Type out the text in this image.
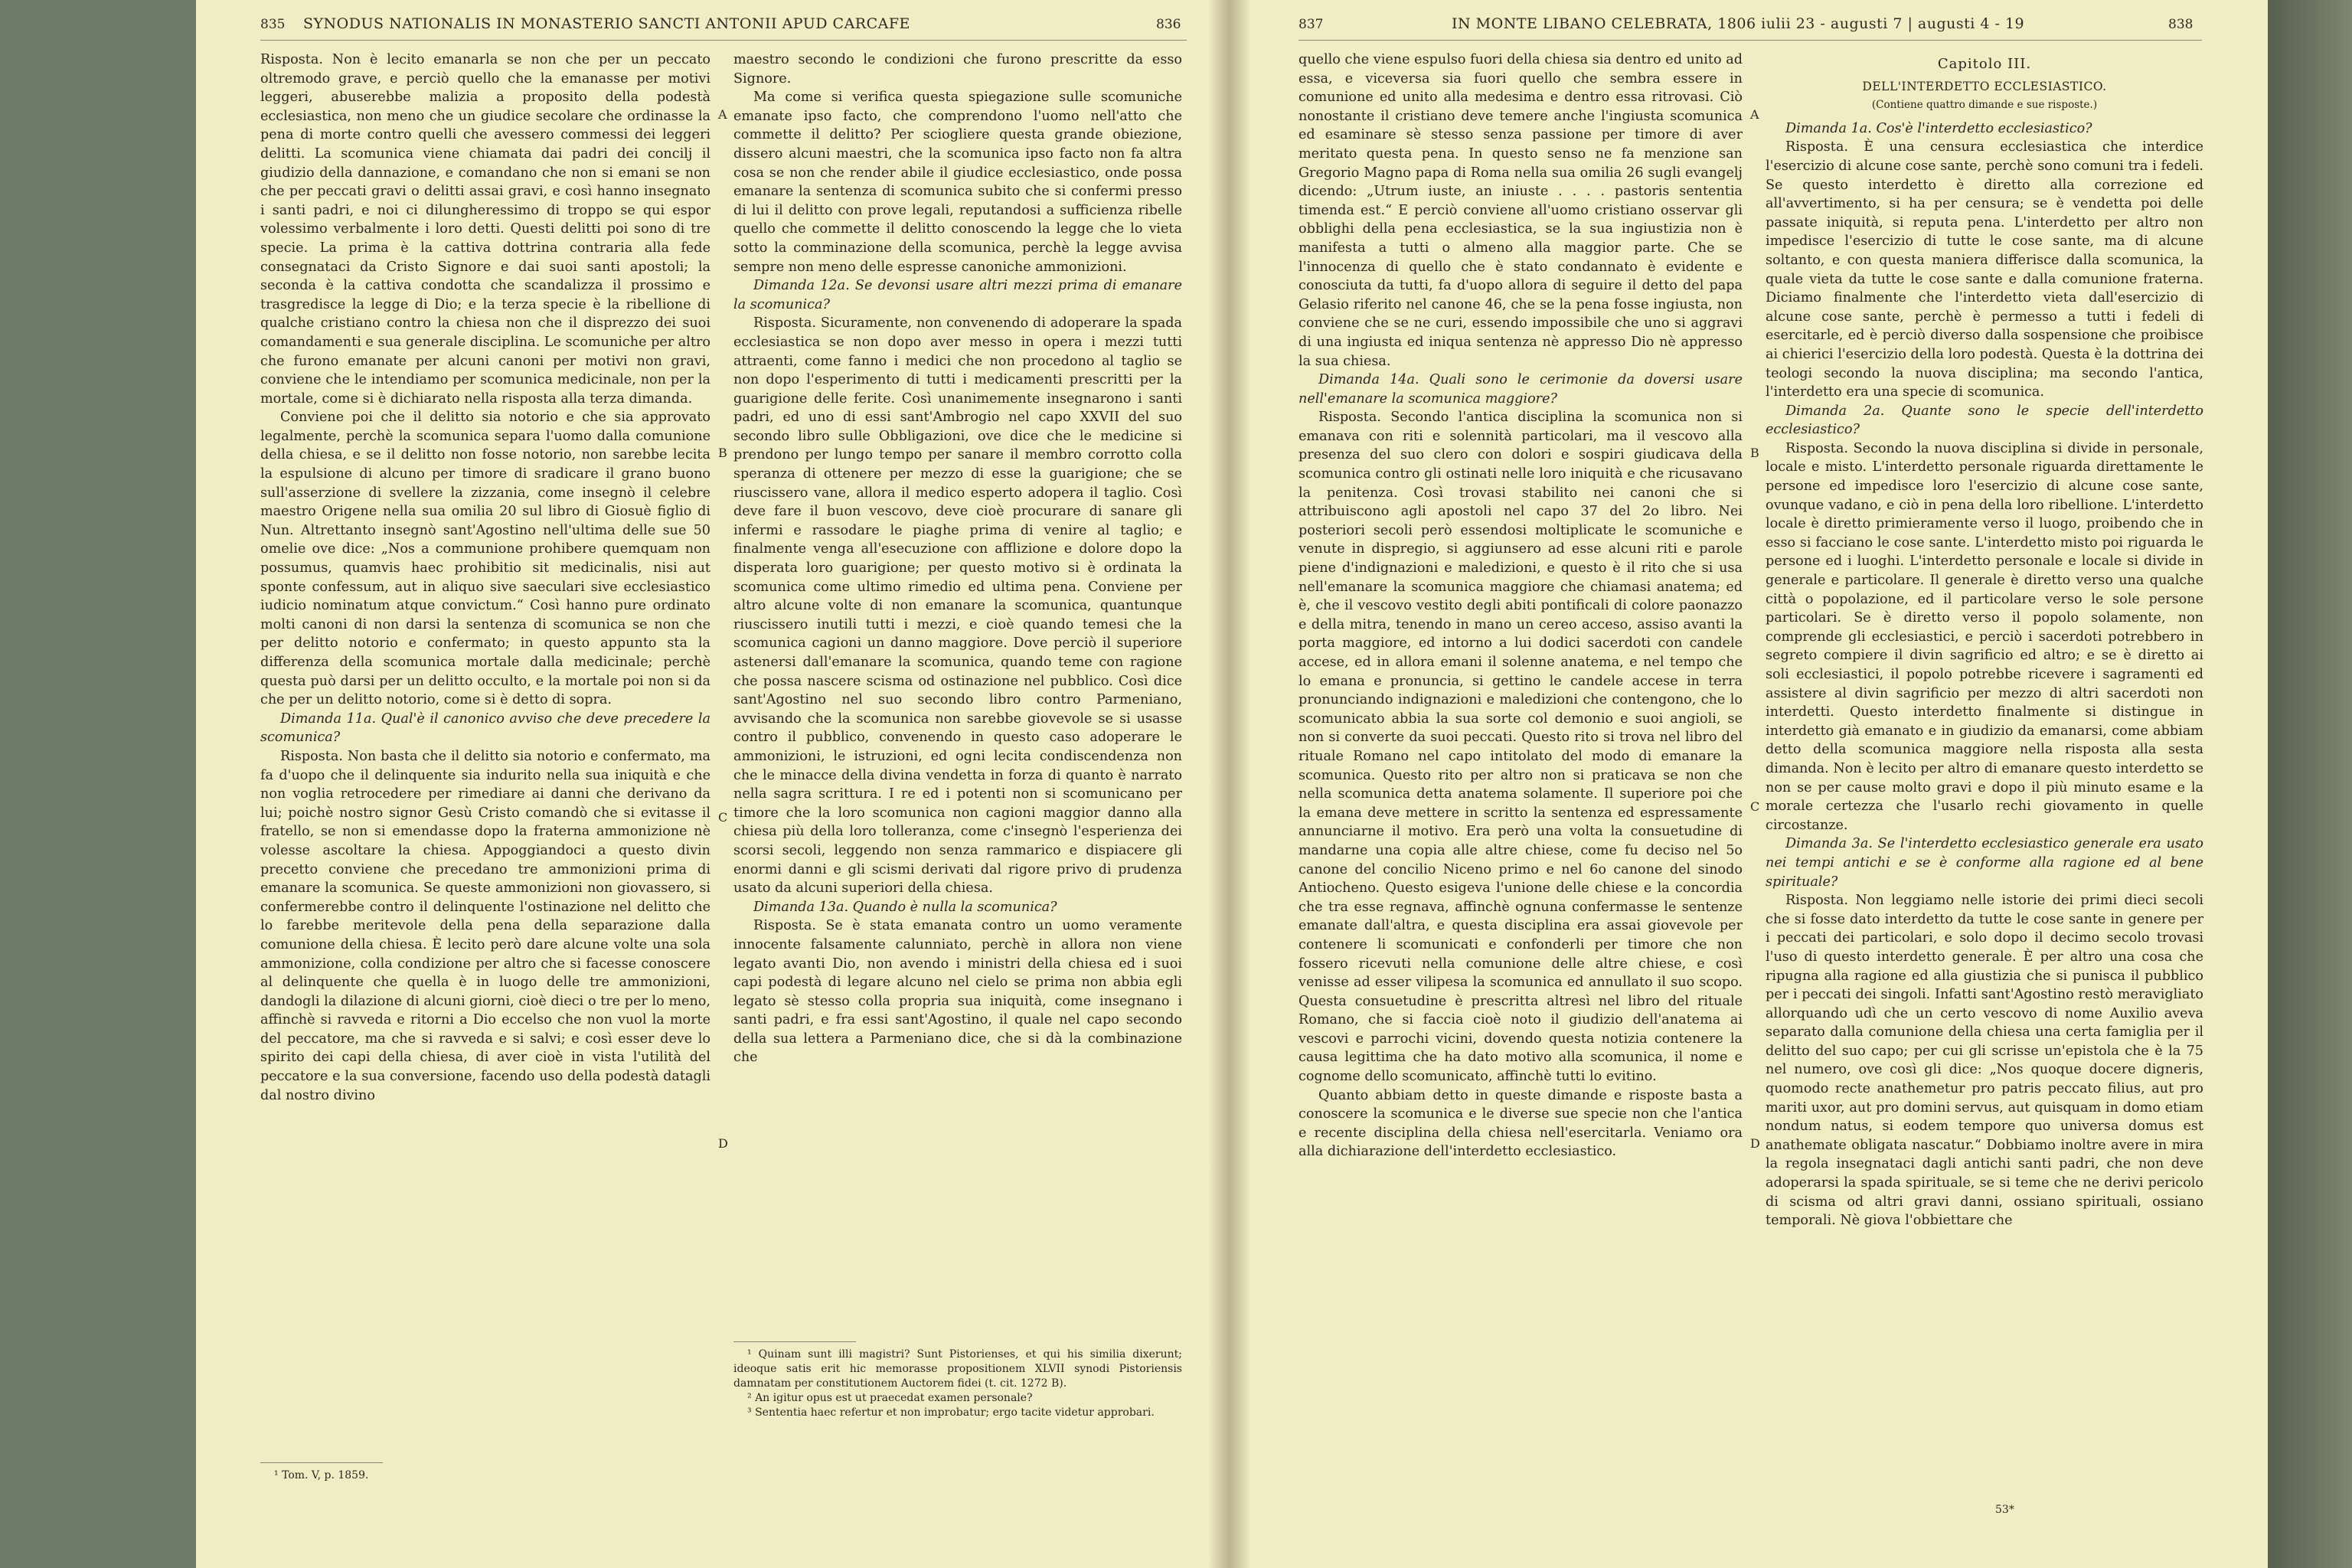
835 SYNODUS NATIONALIS IN MONASTERIO SANCTI ANTONII APUD CARCAFE	836

Risposta. Non è lecito emanarla se non che per un peccato oltremodo grave, e perciò quello che la emanasse per motivi leggeri, abuserebbe malizia a proposito della podestà ecclesiastica, non meno che un giudice secolare che ordinasse la pena di morte contro quelli che avessero commessi dei leggeri delitti. La scomunica viene chiamata dai padri dei concilj il giudizio della dannazione, e comandano che non si emani se non che per peccati gravi o delitti assai gravi, e così hanno insegnato i santi padri, e noi ci dilungheressimo di troppo se qui espor volessimo verbalmente i loro detti. Questi delitti poi sono di tre specie. La prima è la cattiva dottrina contraria alla fede consegnataci da Cristo Signore e dai suoi santi apostoli; la seconda è la cattiva condotta che scandalizza il prossimo e trasgredisce la legge di Dio; e la terza specie è la ribellione di qualche cristiano contro la chiesa non che il disprezzo dei suoi comandamenti e sua generale disciplina. Le scomuniche per altro che furono emanate per alcuni canoni per motivi non gravi, conviene che le intendiamo per scomunica medicinale, non per la mortale, come si è dichiarato nella risposta alla terza dimanda.

Conviene poi che il delitto sia notorio e che sia approvato legalmente, perchè la scomunica separa l'uomo dalla comunione della chiesa, e se il delitto non fosse notorio, non sarebbe lecita la espulsione di alcuno per timore di sradicare il grano buono sull'asserzione di svellere la zizzania, come insegnò il celebre maestro Origene nella sua omilia 20 sul libro di Giosuè figlio di Nun. Altrettanto insegnò sant'Agostino nell'ultima delle sue 50 omelie ove dice: „Nos a communione prohibere quemquam non possumus, quamvis haec prohibitio sit medicinalis, nisi aut sponte confessum, aut in aliquo sive saeculari sive ecclesiastico iudicio nominatum atque convictum.“ Così hanno pure ordinato molti canoni di non darsi la sentenza di scomunica se non che per delitto notorio e confermato; in questo appunto sta la differenza della scomunica mortale dalla medicinale; perchè questa può darsi per un delitto occulto, e la mortale poi non si da che per un delitto notorio, come si è detto di sopra.

Dimanda 11a. Qual'è il canonico avviso che deve precedere la scomunica?

Risposta. Non basta che il delitto sia notorio e confermato, ma fa d'uopo che il delinquente sia indurito nella sua iniquità e che non voglia retrocedere per rimediare ai danni che derivano da lui; poichè nostro signor Gesù Cristo comandò che si evitasse il fratello, se non si emendasse dopo la fraterna ammonizione nè volesse ascoltare la chiesa. Appoggiandoci a questo divin precetto conviene che precedano tre ammonizioni prima di emanare la scomunica. Se queste ammonizioni non giovassero, si confermerebbe contro il delinquente l'ostinazione nel delitto che lo farebbe meritevole della pena della separazione dalla comunione della chiesa. È lecito però dare alcune volte una sola ammonizione, colla condizione per altro che si facesse conoscere al delinquente che quella è in luogo delle tre ammonizioni, dandogli la dilazione di alcuni giorni, cioè dieci o tre per lo meno, affinchè si ravveda e ritorni a Dio eccelso che non vuol la morte del peccatore, ma che si ravveda e si salvi; e così esser deve lo spirito dei capi della chiesa, di aver cioè in vista l'utilità del peccatore e la sua conversione, facendo uso della podestà datagli dal nostro divino

¹ Tom. V, p. 1859.

A
B
C
D

maestro secondo le condizioni che furono prescritte da esso Signore.

Ma come si verifica questa spiegazione sulle scomuniche emanate ipso facto, che comprendono l'uomo nell'atto che commette il delitto? Per sciogliere questa grande obiezione, dissero alcuni maestri, che la scomunica ipso facto non fa altra cosa se non che render abile il giudice ecclesiastico, onde possa emanare la sentenza di scomunica subito che si confermi presso di lui il delitto con prove legali, reputandosi a sufficienza ribelle quello che commette il delitto conoscendo la legge che lo vieta sotto la comminazione della scomunica, perchè la legge avvisa sempre non meno delle espresse canoniche ammonizioni.

Dimanda 12a. Se devonsi usare altri mezzi prima di emanare la scomunica?

Risposta. Sicuramente, non convenendo di adoperare la spada ecclesiastica se non dopo aver messo in opera i mezzi tutti attraenti, come fanno i medici che non procedono al taglio se non dopo l'esperimento di tutti i medicamenti prescritti per la guarigione delle ferite. Così unanimemente insegnarono i santi padri, ed uno di essi sant'Ambrogio nel capo XXVII del suo secondo libro sulle Obbligazioni, ove dice che le medicine si prendono per lungo tempo per sanare il membro corrotto colla speranza di ottenere per mezzo di esse la guarigione; che se riuscissero vane, allora il medico esperto adopera il taglio. Così deve fare il buon vescovo, deve cioè procurare di sanare gli infermi e rassodare le piaghe prima di venire al taglio; e finalmente venga all'esecuzione con afflizione e dolore dopo la disperata loro guarigione; per questo motivo si è ordinata la scomunica come ultimo rimedio ed ultima pena. Conviene per altro alcune volte di non emanare la scomunica, quantunque riuscissero inutili tutti i mezzi, e cioè quando temesi che la scomunica cagioni un danno maggiore. Dove perciò il superiore astenersi dall'emanare la scomunica, quando teme con ragione che possa nascere scisma od ostinazione nel pubblico. Così dice sant'Agostino nel suo secondo libro contro Parmeniano, avvisando che la scomunica non sarebbe giovevole se si usasse contro il pubblico, convenendo in questo caso adoperare le ammonizioni, le istruzioni, ed ogni lecita condiscendenza non che le minacce della divina vendetta in forza di quanto è narrato nella sagra scrittura. I re ed i potenti non si scomunicano per timore che la loro scomunica non cagioni maggior danno alla chiesa più della loro tolleranza, come c'insegnò l'esperienza dei scorsi secoli, leggendo non senza rammarico e dispiacere gli enormi danni e gli scismi derivati dal rigore privo di prudenza usato da alcuni superiori della chiesa.

Dimanda 13a. Quando è nulla la scomunica?

Risposta. Se è stata emanata contro un uomo veramente innocente falsamente calunniato, perchè in allora non viene legato avanti Dio, non avendo i ministri della chiesa ed i suoi capi podestà di legare alcuno nel cielo se prima non abbia egli legato sè stesso colla propria sua iniquità, come insegnano i santi padri, e fra essi sant'Agostino, il quale nel capo secondo della sua lettera a Parmeniano dice, che si dà la combinazione che

¹ Quinam sunt illi magistri? Sunt Pistorienses, et qui his similia dixerunt; ideoque satis erit hic memorasse propositionem XLVII synodi Pistoriensis damnatam per constitutionem Auctorem fidei (t. cit. 1272 B).

² An igitur opus est ut praecedat examen personale?

³ Sententia haec refertur et non improbatur; ergo tacite videtur approbari.

837	IN MONTE LIBANO CELEBRATA, 1806 iulii 23 - augusti 7 | augusti 4 - 19	838

quello che viene espulso fuori della chiesa sia dentro ed unito ad essa, e viceversa sia fuori quello che sembra essere in comunione ed unito alla medesima e dentro essa ritrovasi. Ciò nonostante il cristiano deve temere anche l'ingiusta scomunica ed esaminare sè stesso senza passione per timore di aver meritato questa pena. In questo senso ne fa menzione san Gregorio Magno papa di Roma nella sua omilia 26 sugli evangelj dicendo: „Utrum iuste, an iniuste . . . . pastoris sententia timenda est.“ E perciò conviene all'uomo cristiano osservar gli obblighi della pena ecclesiastica, se la sua ingiustizia non è manifesta a tutti o almeno alla maggior parte. Che se l'innocenza di quello che è stato condannato è evidente e conosciuta da tutti, fa d'uopo allora di seguire il detto del papa Gelasio riferito nel canone 46, che se la pena fosse ingiusta, non conviene che se ne curi, essendo impossibile che uno si aggravi di una ingiusta ed iniqua sentenza nè appresso Dio nè appresso la sua chiesa.

Dimanda 14a. Quali sono le cerimonie da doversi usare nell'emanare la scomunica maggiore?

Risposta. Secondo l'antica disciplina la scomunica non si emanava con riti e solennità particolari, ma il vescovo alla presenza del suo clero con dolori e sospiri giudicava della scomunica contro gli ostinati nelle loro iniquità e che ricusavano la penitenza. Così trovasi stabilito nei canoni che si attribuiscono agli apostoli nel capo 37 del 2o libro. Nei posteriori secoli però essendosi moltiplicate le scomuniche e venute in dispregio, si aggiunsero ad esse alcuni riti e parole piene d'indignazioni e maledizioni, e questo è il rito che si usa nell'emanare la scomunica maggiore che chiamasi anatema; ed è, che il vescovo vestito degli abiti pontificali di colore paonazzo e della mitra, tenendo in mano un cereo acceso, assiso avanti la porta maggiore, ed intorno a lui dodici sacerdoti con candele accese, ed in allora emani il solenne anatema, e nel tempo che lo emana e pronuncia, si gettino le candele accese in terra pronunciando indignazioni e maledizioni che contengono, che lo scomunicato abbia la sua sorte col demonio e suoi angioli, se non si converte da suoi peccati. Questo rito si trova nel libro del rituale Romano nel capo intitolato del modo di emanare la scomunica. Questo rito per altro non si praticava se non che nella scomunica detta anatema solamente. Il superiore poi che la emana deve mettere in scritto la sentenza ed espressamente annunciarne il motivo. Era però una volta la consuetudine di mandarne una copia alle altre chiese, come fu deciso nel 5o canone del concilio Niceno primo e nel 6o canone del sinodo Antiocheno. Questo esigeva l'unione delle chiese e la concordia che tra esse regnava, affinchè ognuna confermasse le sentenze emanate dall'altra, e questa disciplina era assai giovevole per contenere li scomunicati e confonderli per timore che non fossero ricevuti nella comunione delle altre chiese, e così venisse ad esser vilipesa la scomunica ed annullato il suo scopo. Questa consuetudine è prescritta altresì nel libro del rituale Romano, che si faccia cioè noto il giudizio dell'anatema ai vescovi e parrochi vicini, dovendo questa notizia contenere la causa legittima che ha dato motivo alla scomunica, il nome e cognome dello scomunicato, affinchè tutti lo evitino.

Quanto abbiam detto in queste dimande e risposte basta a conoscere la scomunica e le diverse sue specie non che l'antica e recente disciplina della chiesa nell'esercitarla. Veniamo ora alla dichiarazione dell'interdetto ecclesiastico.

A
B
C
D

Capitolo III.

DELL'INTERDETTO ECCLESIASTICO.

(Contiene quattro dimande e sue risposte.)

Dimanda 1a. Cos'è l'interdetto ecclesiastico?

Risposta. È una censura ecclesiastica che interdice l'esercizio di alcune cose sante, perchè sono comuni tra i fedeli. Se questo interdetto è diretto alla correzione ed all'avvertimento, si ha per censura; se è vendetta poi delle passate iniquità, si reputa pena. L'interdetto per altro non impedisce l'esercizio di tutte le cose sante, ma di alcune soltanto, e con questa maniera differisce dalla scomunica, la quale vieta da tutte le cose sante e dalla comunione fraterna. Diciamo finalmente che l'interdetto vieta dall'esercizio di alcune cose sante, perchè è permesso a tutti i fedeli di esercitarle, ed è perciò diverso dalla sospensione che proibisce ai chierici l'esercizio della loro podestà. Questa è la dottrina dei teologi secondo la nuova disciplina; ma secondo l'antica, l'interdetto era una specie di scomunica.

Dimanda 2a. Quante sono le specie dell'interdetto ecclesiastico?

Risposta. Secondo la nuova disciplina si divide in personale, locale e misto. L'interdetto personale riguarda direttamente le persone ed impedisce loro l'esercizio di alcune cose sante, ovunque vadano, e ciò in pena della loro ribellione. L'interdetto locale è diretto primieramente verso il luogo, proibendo che in esso si facciano le cose sante. L'interdetto misto poi riguarda le persone ed i luoghi. L'interdetto personale e locale si divide in generale e particolare. Il generale è diretto verso una qualche città o popolazione, ed il particolare verso le sole persone particolari. Se è diretto verso il popolo solamente, non comprende gli ecclesiastici, e perciò i sacerdoti potrebbero in segreto compiere il divin sagrificio ed altro; e se è diretto ai soli ecclesiastici, il popolo potrebbe ricevere i sagramenti ed assistere al divin sagrificio per mezzo di altri sacerdoti non interdetti. Questo interdetto finalmente si distingue in interdetto già emanato e in giudizio da emanarsi, come abbiam detto della scomunica maggiore nella risposta alla sesta dimanda. Non è lecito per altro di emanare questo interdetto se non se per cause molto gravi e dopo il più minuto esame e la morale certezza che l'usarlo rechi giovamento in quelle circostanze.

Dimanda 3a. Se l'interdetto ecclesiastico generale era usato nei tempi antichi e se è conforme alla ragione ed al bene spirituale?

Risposta. Non leggiamo nelle istorie dei primi dieci secoli che si fosse dato interdetto da tutte le cose sante in genere per i peccati dei particolari, e solo dopo il decimo secolo trovasi l'uso di questo interdetto generale. È per altro una cosa che ripugna alla ragione ed alla giustizia che si punisca il pubblico per i peccati dei singoli. Infatti sant'Agostino restò meravigliato allorquando udì che un certo vescovo di nome Auxilio aveva separato dalla comunione della chiesa una certa famiglia per il delitto del suo capo; per cui gli scrisse un'epistola che è la 75 nel numero, ove così gli dice: „Nos quoque docere digneris, quomodo recte anathemetur pro patris peccato filius, aut pro mariti uxor, aut pro domini servus, aut quisquam in domo etiam nondum natus, si eodem tempore quo universa domus est anathemate obligata nascatur.“ Dobbiamo inoltre avere in mira la regola insegnataci dagli antichi santi padri, che non deve adoperarsi la spada spirituale, se si teme che ne derivi pericolo di scisma od altri gravi danni, ossiano spirituali, ossiano temporali. Nè giova l'obbiettare che

53*
